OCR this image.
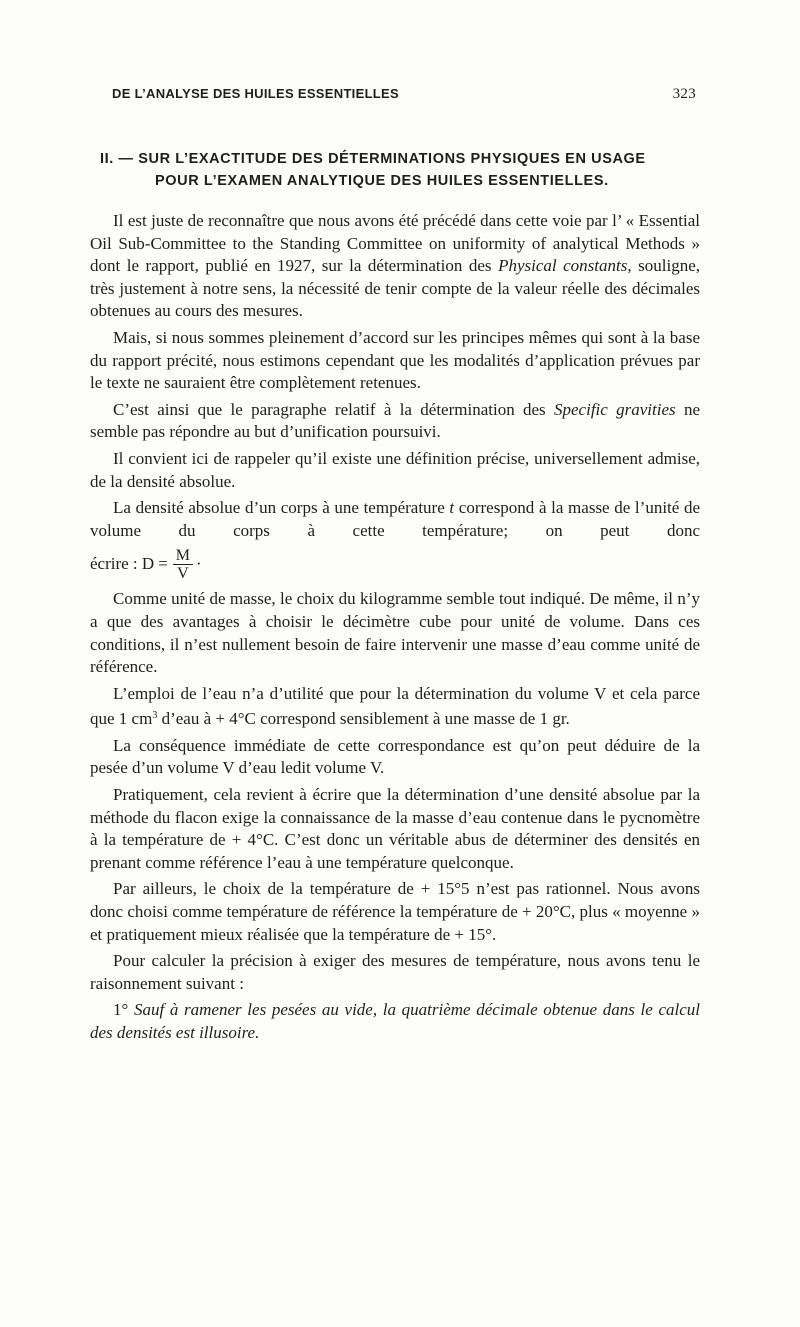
DE L’ANALYSE DES HUILES ESSENTIELLES	323
II. — SUR L’EXACTITUDE DES DÉTERMINATIONS PHYSIQUES EN USAGE
POUR L’EXAMEN ANALYTIQUE DES HUILES ESSENTIELLES.

Il est juste de reconnaître que nous avons été précédé dans cette voie par l’ « Essential Oil Sub-Committee to the Standing Committee on uniformity of analytical Methods » dont le rapport, publié en 1927, sur la détermination des Physical constants, souligne, très justement à notre sens, la nécessité de tenir compte de la valeur réelle des décimales obtenues au cours des mesures.

Mais, si nous sommes pleinement d’accord sur les principes mêmes qui sont à la base du rapport précité, nous estimons cependant que les modalités d’application prévues par le texte ne sauraient être complètement retenues.

C’est ainsi que le paragraphe relatif à la détermination des Specific gravities ne semble pas répondre au but d’unification poursuivi.

Il convient ici de rappeler qu’il existe une définition précise, universellement admise, de la densité absolue.

La densité absolue d’un corps à une température t correspond à la masse de l’unité de volume du corps à cette température; on peut donc

écrire : $D = \frac{M}{V}$ ·

Comme unité de masse, le choix du kilogramme semble tout indiqué. De même, il n’y a que des avantages à choisir le décimètre cube pour unité de volume. Dans ces conditions, il n’est nullement besoin de faire intervenir une masse d’eau comme unité de référence.

L’emploi de l’eau n’a d’utilité que pour la détermination du volume V et cela parce que 1 $cm^3$ d’eau à + 4°C correspond sensiblement à une masse de 1 gr.

La conséquence immédiate de cette correspondance est qu’on peut déduire de la pesée d’un volume V d’eau ledit volume V.

Pratiquement, cela revient à écrire que la détermination d’une densité absolue par la méthode du flacon exige la connaissance de la masse d’eau contenue dans le pycnomètre à la température de + 4°C. C’est donc un véritable abus de déterminer des densités en prenant comme référence l’eau à une température quelconque.

Par ailleurs, le choix de la température de + 15°5 n’est pas rationnel. Nous avons donc choisi comme température de référence la température de + 20°C, plus « moyenne » et pratiquement mieux réalisée que la température de + 15°.

Pour calculer la précision à exiger des mesures de température, nous avons tenu le raisonnement suivant :

1° Sauf à ramener les pesées au vide, la quatrième décimale obtenue dans le calcul des densités est illusoire.
